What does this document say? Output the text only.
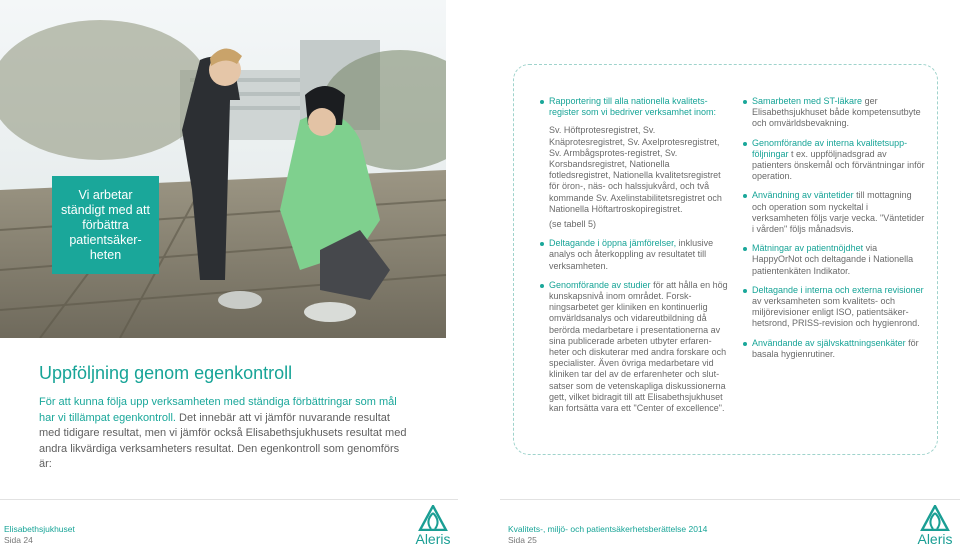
Vi arbetar ständigt med att förbättra patientsäker-heten
Uppföljning genom egenkontroll

För att kunna följa upp verksamheten med ständiga förbättringar som mål har vi tillämpat egenkontroll. Det innebär att vi jämför nuvarande resultat med tidigare resultat, men vi jämför också Elisabethsjukhusets resultat med andra likvärdiga verksamheters resultat. Den egenkontroll som genomförs är:

Rapportering till alla nationella kvalitets-register som vi bedriver verksamhet inom:
Sv. Höftprotesregistret, Sv. Knäprotesregistret, Sv. Axelprotesregistret, Sv. Armbågsprotes-registret, Sv. Korsbandsregistret, Nationella fotledsregistret, Nationella kvalitetsregistret för öron-, näs- och halssjukvård, och två kommande Sv. Axelinstabilitetsregistret och Nationella Höftartroskopiregistret.
(se tabell 5)
Deltagande i öppna jämförelser, inklusive analys och återkoppling av resultatet till verksamheten.
Genomförande av studier för att hålla en hög kunskapsnivå inom området. Forsk-ningsarbetet ger kliniken en kontinuerlig omvärldsanalys och vidareutbildning då berörda medarbetare i presentationerna av sina publicerade arbeten utbyter erfaren-heter och diskuterar med andra forskare och specialister. Även övriga medarbetare vid kliniken tar del av de erfarenheter och slut-satser som de vetenskapliga diskussionerna gett, vilket bidragit till att Elisabethsjukhuset kan fortsätta vara ett "Center of excellence".
Samarbeten med ST-läkare ger Elisabethsjukhuset både kompetensutbyte och omvärldsbevakning.
Genomförande av interna kvalitetsupp-följningar t ex. uppföljnadsgrad av patienters önskemål och förväntningar inför operation.
Användning av väntetider till mottagning och operation som nyckeltal i verksamheten följs varje vecka. "Väntetider i vården" följs månadsvis.
Mätningar av patientnöjdhet via HappyOrNot och deltagande i Nationella patientenkäten Indikator.
Deltagande i interna och externa revisioner av verksamheten som kvalitets- och miljörevisioner enligt ISO, patientsäker-hetsrond, PRISS-revision och hygienrond.
Användande av självskattningsenkäter för basala hygienrutiner.
Elisabethsjukhuset
Sida 24	Aleris
Kvalitets-, miljö- och patientsäkerhetsberättelse 2014
Sida 25	Aleris
